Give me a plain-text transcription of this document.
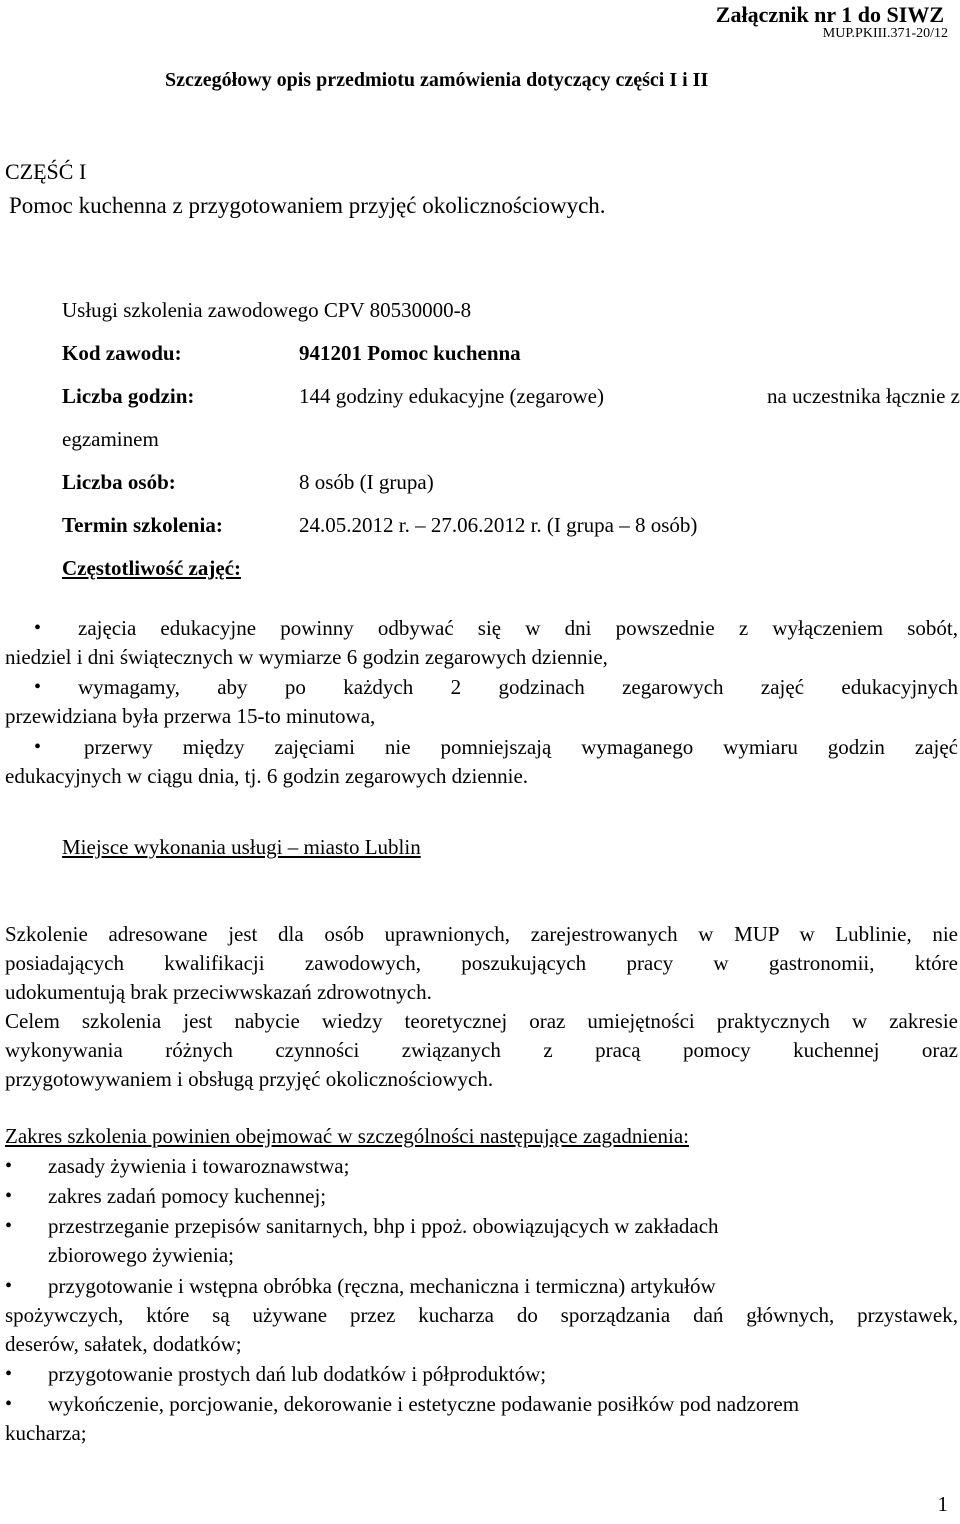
Załącznik nr 1 do SIWZ
MUP.PKIII.371-20/12
Szczegółowy opis przedmiotu zamówienia dotyczący części I i II
CZĘŚĆ I
Pomoc kuchenna z przygotowaniem przyjęć okolicznościowych.
Usługi szkolenia zawodowego CPV 80530000-8
Kod zawodu:	941201 Pomoc kuchenna
Liczba godzin:	144 godziny edukacyjne (zegarowe)	na uczestnika łącznie z
egzaminem
Liczba osób:	8 osób (I grupa)
Termin szkolenia:	24.05.2012 r. – 27.06.2012 r. (I grupa – 8 osób)
Częstotliwość zajęć:
• zajęcia edukacyjne powinny odbywać się w dni powszednie z wyłączeniem sobót,
niedziel i dni świątecznych w wymiarze 6 godzin zegarowych dziennie,
• wymagamy, aby po każdych 2 godzinach zegarowych zajęć edukacyjnych
przewidziana była przerwa 15-to minutowa,
• przerwy między zajęciami nie pomniejszają wymaganego wymiaru godzin zajęć
edukacyjnych w ciągu dnia, tj. 6 godzin zegarowych dziennie.
Miejsce wykonania usługi – miasto Lublin
Szkolenie adresowane jest dla osób uprawnionych, zarejestrowanych w MUP w Lublinie, nie
posiadających kwalifikacji zawodowych, poszukujących pracy w gastronomii, które
udokumentują brak przeciwwskazań zdrowotnych.
Celem szkolenia jest nabycie wiedzy teoretycznej oraz umiejętności praktycznych w zakresie
wykonywania różnych czynności związanych z pracą pomocy kuchennej oraz
przygotowywaniem i obsługą przyjęć okolicznościowych.
Zakres szkolenia powinien obejmować w szczególności następujące zagadnienia:
• zasady żywienia i towaroznawstwa;
• zakres zadań pomocy kuchennej;
• przestrzeganie przepisów sanitarnych, bhp i ppoż. obowiązujących w zakładach
zbiorowego żywienia;
• przygotowanie i wstępna obróbka (ręczna, mechaniczna i termiczna) artykułów
spożywczych, które są używane przez kucharza do sporządzania dań głównych, przystawek,
deserów, sałatek, dodatków;
• przygotowanie prostych dań lub dodatków i półproduktów;
• wykończenie, porcjowanie, dekorowanie i estetyczne podawanie posiłków pod nadzorem
kucharza;
1
